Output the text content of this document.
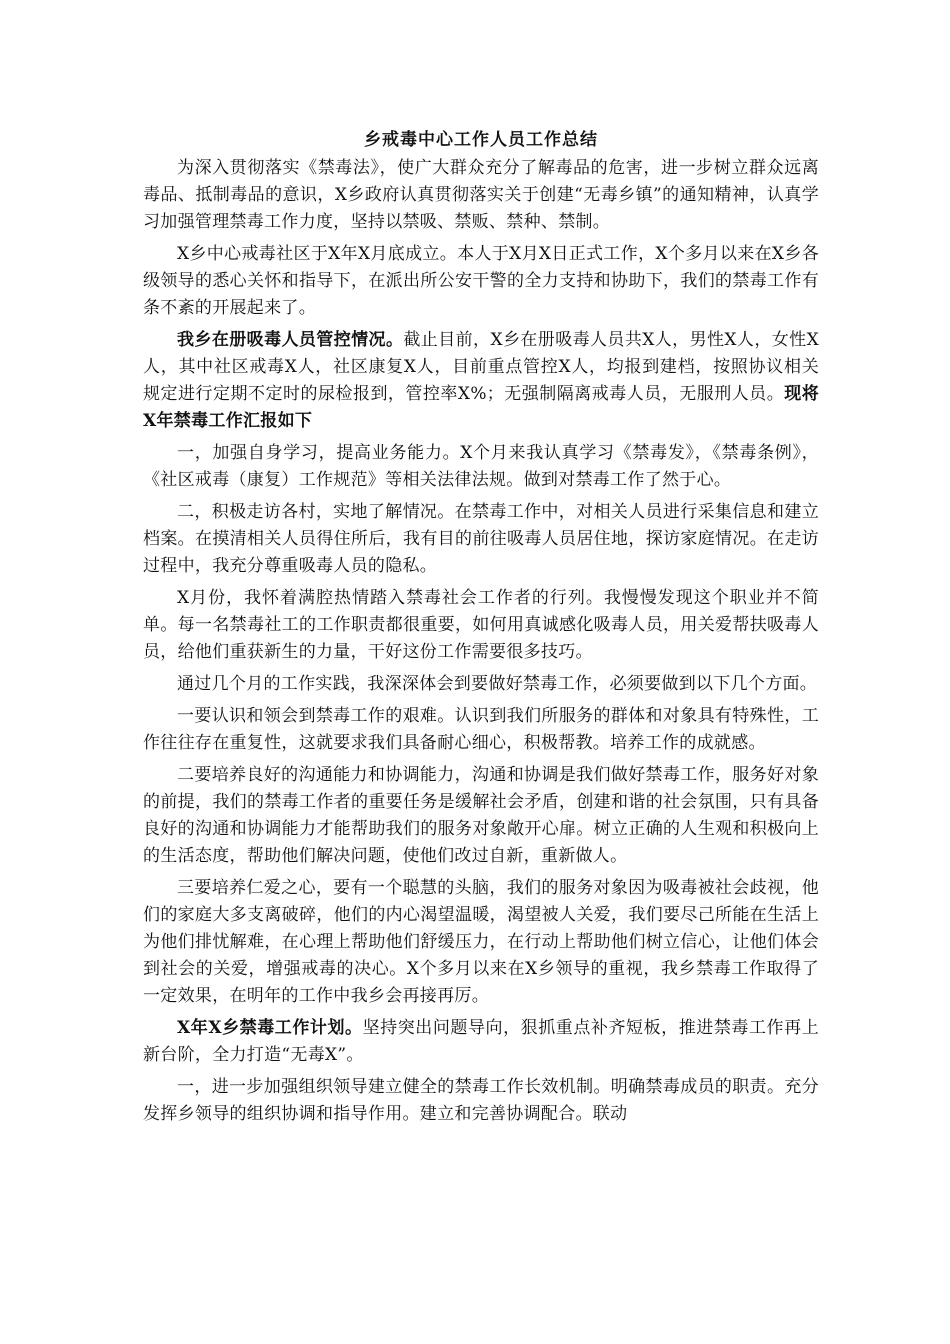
乡戒毒中心工作人员工作总结

为深入贯彻落实《禁毒法》，使广大群众充分了解毒品的危害，进一步树立群众远离毒品、抵制毒品的意识，X乡政府认真贯彻落实关于创建“无毒乡镇”的通知精神，认真学习加强管理禁毒工作力度，坚持以禁吸、禁贩、禁种、禁制。

X乡中心戒毒社区于X年X月底成立。本人于X月X日正式工作，X个多月以来在X乡各级领导的悉心关怀和指导下，在派出所公安干警的全力支持和协助下，我们的禁毒工作有条不紊的开展起来了。

我乡在册吸毒人员管控情况。截止目前，X乡在册吸毒人员共X人，男性X人，女性X人，其中社区戒毒X人，社区康复X人，目前重点管控X人，均报到建档，按照协议相关规定进行定期不定时的尿检报到，管控率X%；无强制隔离戒毒人员，无服刑人员。现将X年禁毒工作汇报如下

一，加强自身学习，提高业务能力。X个月来我认真学习《禁毒发》，《禁毒条例》，《社区戒毒（康复）工作规范》等相关法律法规。做到对禁毒工作了然于心。

二，积极走访各村，实地了解情况。在禁毒工作中，对相关人员进行采集信息和建立档案。在摸清相关人员得住所后，我有目的前往吸毒人员居住地，探访家庭情况。在走访过程中，我充分尊重吸毒人员的隐私。

X月份，我怀着满腔热情踏入禁毒社会工作者的行列。我慢慢发现这个职业并不简单。每一名禁毒社工的工作职责都很重要，如何用真诚感化吸毒人员，用关爱帮扶吸毒人员，给他们重获新生的力量，干好这份工作需要很多技巧。

通过几个月的工作实践，我深深体会到要做好禁毒工作，必须要做到以下几个方面。

一要认识和领会到禁毒工作的艰难。认识到我们所服务的群体和对象具有特殊性，工作往往存在重复性，这就要求我们具备耐心细心，积极帮教。培养工作的成就感。

二要培养良好的沟通能力和协调能力，沟通和协调是我们做好禁毒工作，服务好对象的前提，我们的禁毒工作者的重要任务是缓解社会矛盾，创建和谐的社会氛围，只有具备良好的沟通和协调能力才能帮助我们的服务对象敞开心扉。树立正确的人生观和积极向上的生活态度，帮助他们解决问题，使他们改过自新，重新做人。

三要培养仁爱之心，要有一个聪慧的头脑，我们的服务对象因为吸毒被社会歧视，他们的家庭大多支离破碎，他们的内心渴望温暖，渴望被人关爱，我们要尽己所能在生活上为他们排忧解难，在心理上帮助他们舒缓压力，在行动上帮助他们树立信心，让他们体会到社会的关爱，增强戒毒的决心。X个多月以来在X乡领导的重视，我乡禁毒工作取得了一定效果，在明年的工作中我乡会再接再厉。

X年X乡禁毒工作计划。坚持突出问题导向，狠抓重点补齐短板，推进禁毒工作再上新台阶，全力打造“无毒X”。

一，进一步加强组织领导建立健全的禁毒工作长效机制。明确禁毒成员的职责。充分发挥乡领导的组织协调和指导作用。建立和完善协调配合。联动
